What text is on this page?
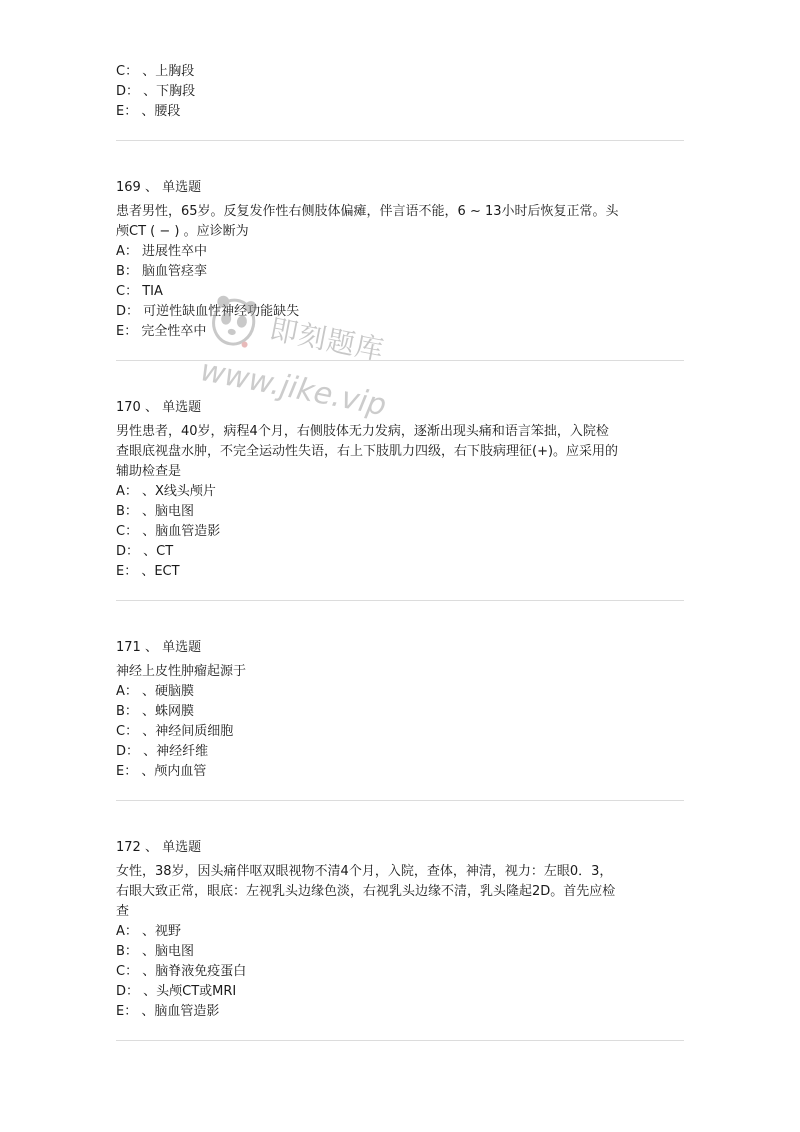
C： 、上胸段
D： 、下胸段
E： 、腰段
169 、 单选题
患者男性，65岁。反复发作性右侧肢体偏瘫，伴言语不能，6 ~ 13小时后恢复正常。头
颅CT ( − ) 。应诊断为
A： 进展性卒中
B： 脑血管痉挛
C： TIA
D： 可逆性缺血性神经功能缺失
E： 完全性卒中
170 、 单选题
男性患者，40岁，病程4个月，右侧肢体无力发病，逐渐出现头痛和语言笨拙，入院检
查眼底视盘水肿，不完全运动性失语，右上下肢肌力四级，右下肢病理征(+)。应采用的
辅助检查是
A： 、X线头颅片
B： 、脑电图
C： 、脑血管造影
D： 、CT
E： 、ECT
171 、 单选题
神经上皮性肿瘤起源于
A： 、硬脑膜
B： 、蛛网膜
C： 、神经间质细胞
D： 、神经纤维
E： 、颅内血管
172 、 单选题
女性，38岁，因头痛伴呕双眼视物不清4个月，入院，查体，神清，视力：左眼0．3，
右眼大致正常，眼底：左视乳头边缘色淡，右视乳头边缘不清，乳头隆起2D。首先应检
查
A： 、视野
B： 、脑电图
C： 、脑脊液免疫蛋白
D： 、头颅CT或MRI
E： 、脑血管造影
即刻题库
www.jike.vip
